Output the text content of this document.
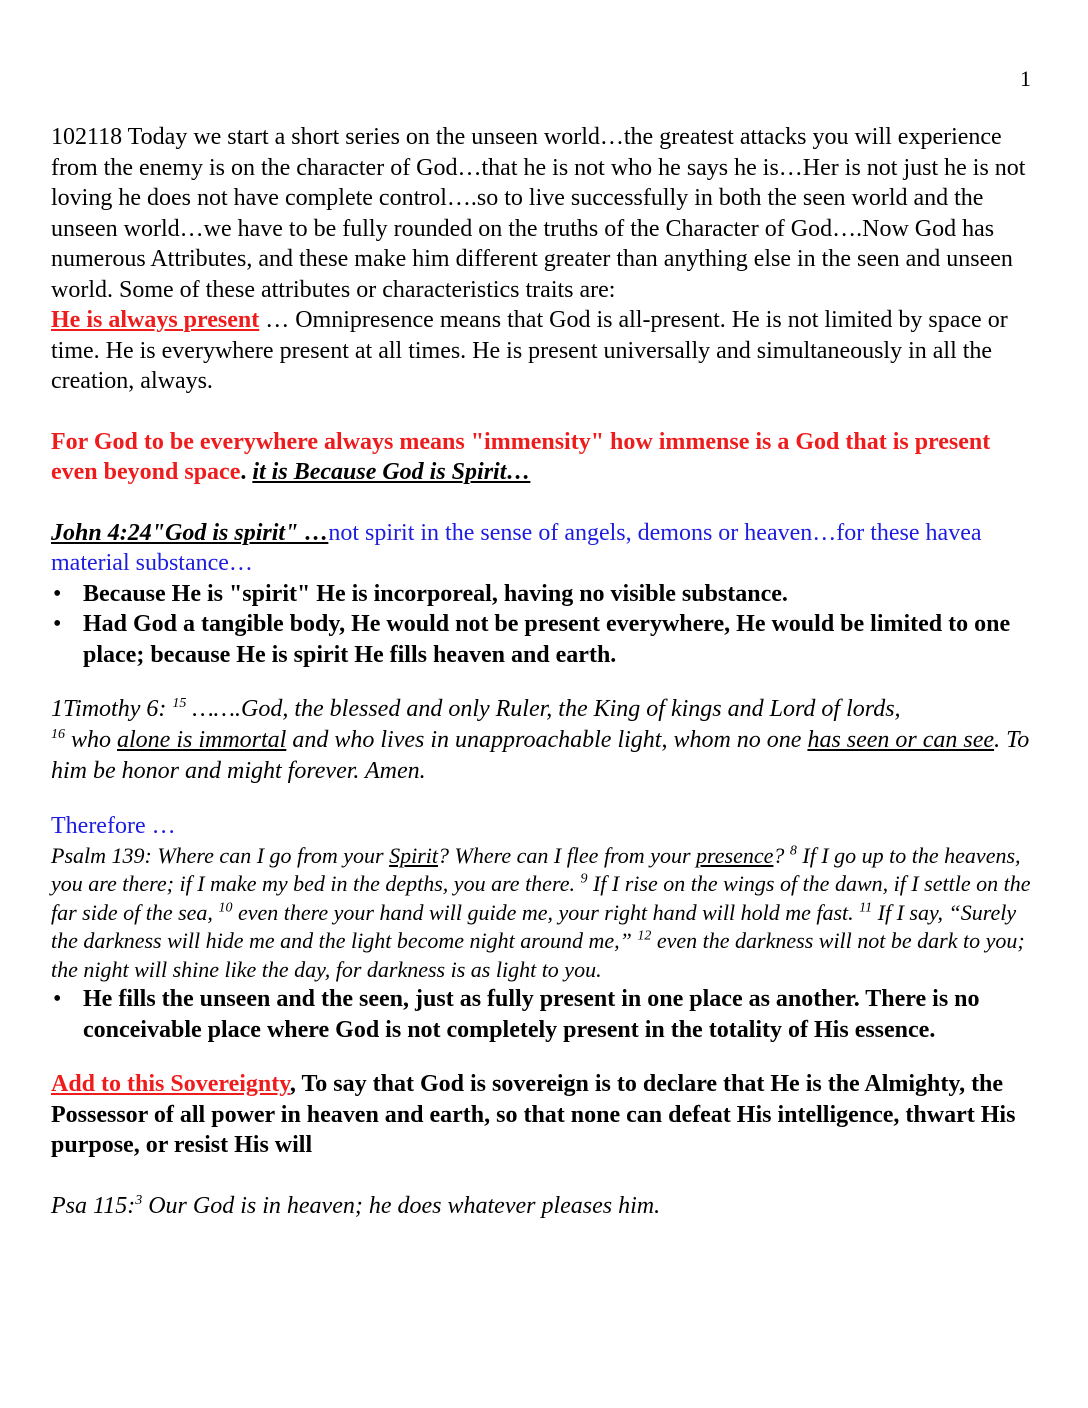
1

102118 Today we start a short series on the unseen world…the greatest attacks you will experience from the enemy is on the character of God…that he is not who he says he is…Her is not just he is not loving he does not have complete control….so to live successfully in both the seen world and the unseen world…we have to be fully rounded on the truths of the Character of God….Now God has numerous Attributes, and these make him different greater than anything else in the seen and unseen world. Some of these attributes or characteristics traits are:

He is always present … Omnipresence means that God is all-present. He is not limited by space or time. He is everywhere present at all times. He is present universally and simultaneously in all the creation, always.

For God to be everywhere always means "immensity" how immense is a God that is present even beyond space. it is Because God is Spirit…

John 4:24"God is spirit" …not spirit in the sense of angels, demons or heaven…for these havea material substance…

• Because He is "spirit" He is incorporeal, having no visible substance.
• Had God a tangible body, He would not be present everywhere, He would be limited to one place; because He is spirit He fills heaven and earth.

1Timothy 6: $^{15}$ …….God, the blessed and only Ruler, the King of kings and Lord of lords,
$^{16}$ who alone is immortal and who lives in unapproachable light, whom no one has seen or can see. To him be honor and might forever. Amen.

Therefore …

Psalm 139: Where can I go from your Spirit? Where can I flee from your presence? $^8$ If I go up to the heavens, you are there; if I make my bed in the depths, you are there. $^9$ If I rise on the wings of the dawn, if I settle on the far side of the sea, $^{10}$ even there your hand will guide me, your right hand will hold me fast. $^{11}$ If I say, “Surely the darkness will hide me and the light become night around me,” $^{12}$ even the darkness will not be dark to you; the night will shine like the day, for darkness is as light to you.

• He fills the unseen and the seen, just as fully present in one place as another. There is no conceivable place where God is not completely present in the totality of His essence.

Add to this Sovereignty, To say that God is sovereign is to declare that He is the Almighty, the Possessor of all power in heaven and earth, so that none can defeat His intelligence, thwart His purpose, or resist His will

Psa 115:$^3$ Our God is in heaven; he does whatever pleases him.
